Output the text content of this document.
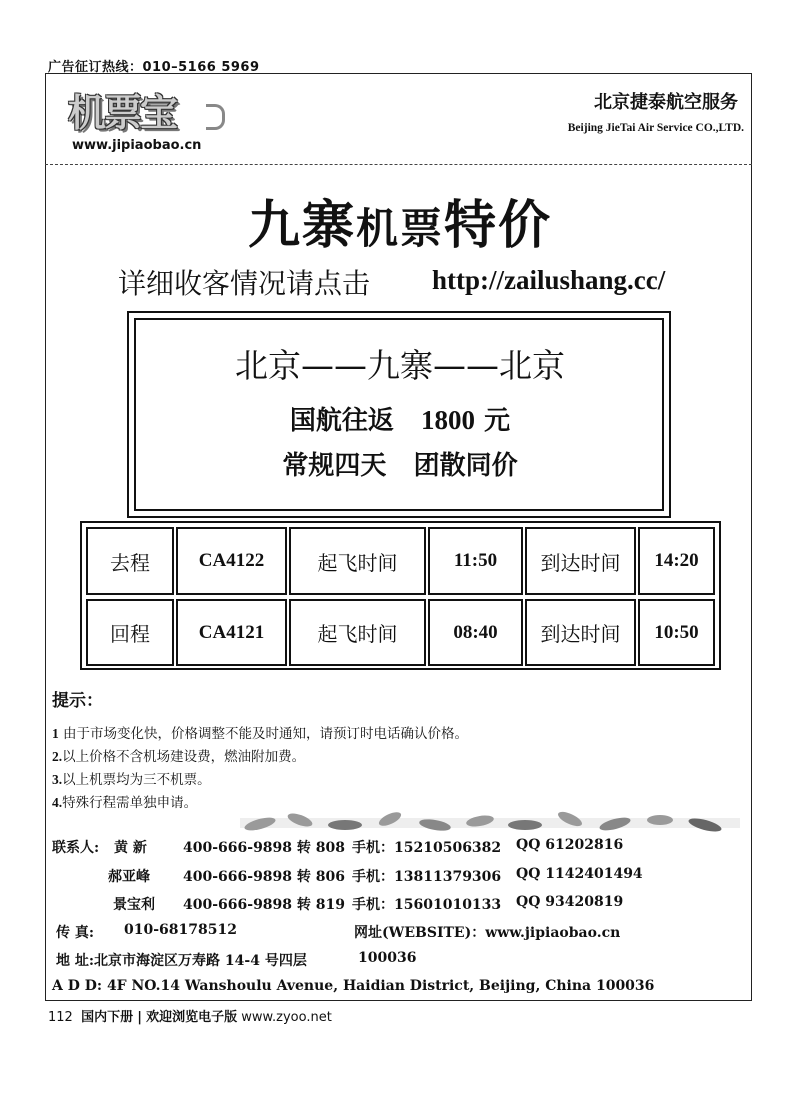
广告征订热线：010–5166 5969
机票宝
www.jipiaobao.cn
北京捷泰航空服务
Beijing JieTai Air Service CO.,LTD.
九寨机票特价
详细收客情况请点击 http://zailushang.cc/
北京——九寨——北京
国航往返 1800 元
常规四天 团散同价
去程	CA4122	起飞时间	11:50	到达时间	14:20
回程	CA4121	起飞时间	08:40	到达时间	10:50
提示：
1 由于市场变化快，价格调整不能及时通知，请预订时电话确认价格。
2.以上价格不含机场建设费，燃油附加费。
3.以上机票均为三不机票。
4.特殊行程需单独申请。
联系人: 黄 新	400-666-9898 转 808 手机：15210506382 QQ 61202816
郝亚峰 400-666-9898 转 806 手机：13811379306 QQ 1142401494
景宝利 400-666-9898 转 819 手机：15601010133 QQ 93420819
传 真: 010-68178512	网址(WEBSITE)：www.jipiaobao.cn
地 址:北京市海淀区万寿路 14-4 号四层	100036
A D D: 4F NO.14 Wanshoulu Avenue, Haidian District, Beijing, China 100036
112 国内下册 | 欢迎浏览电子版 www.zyoo.net
